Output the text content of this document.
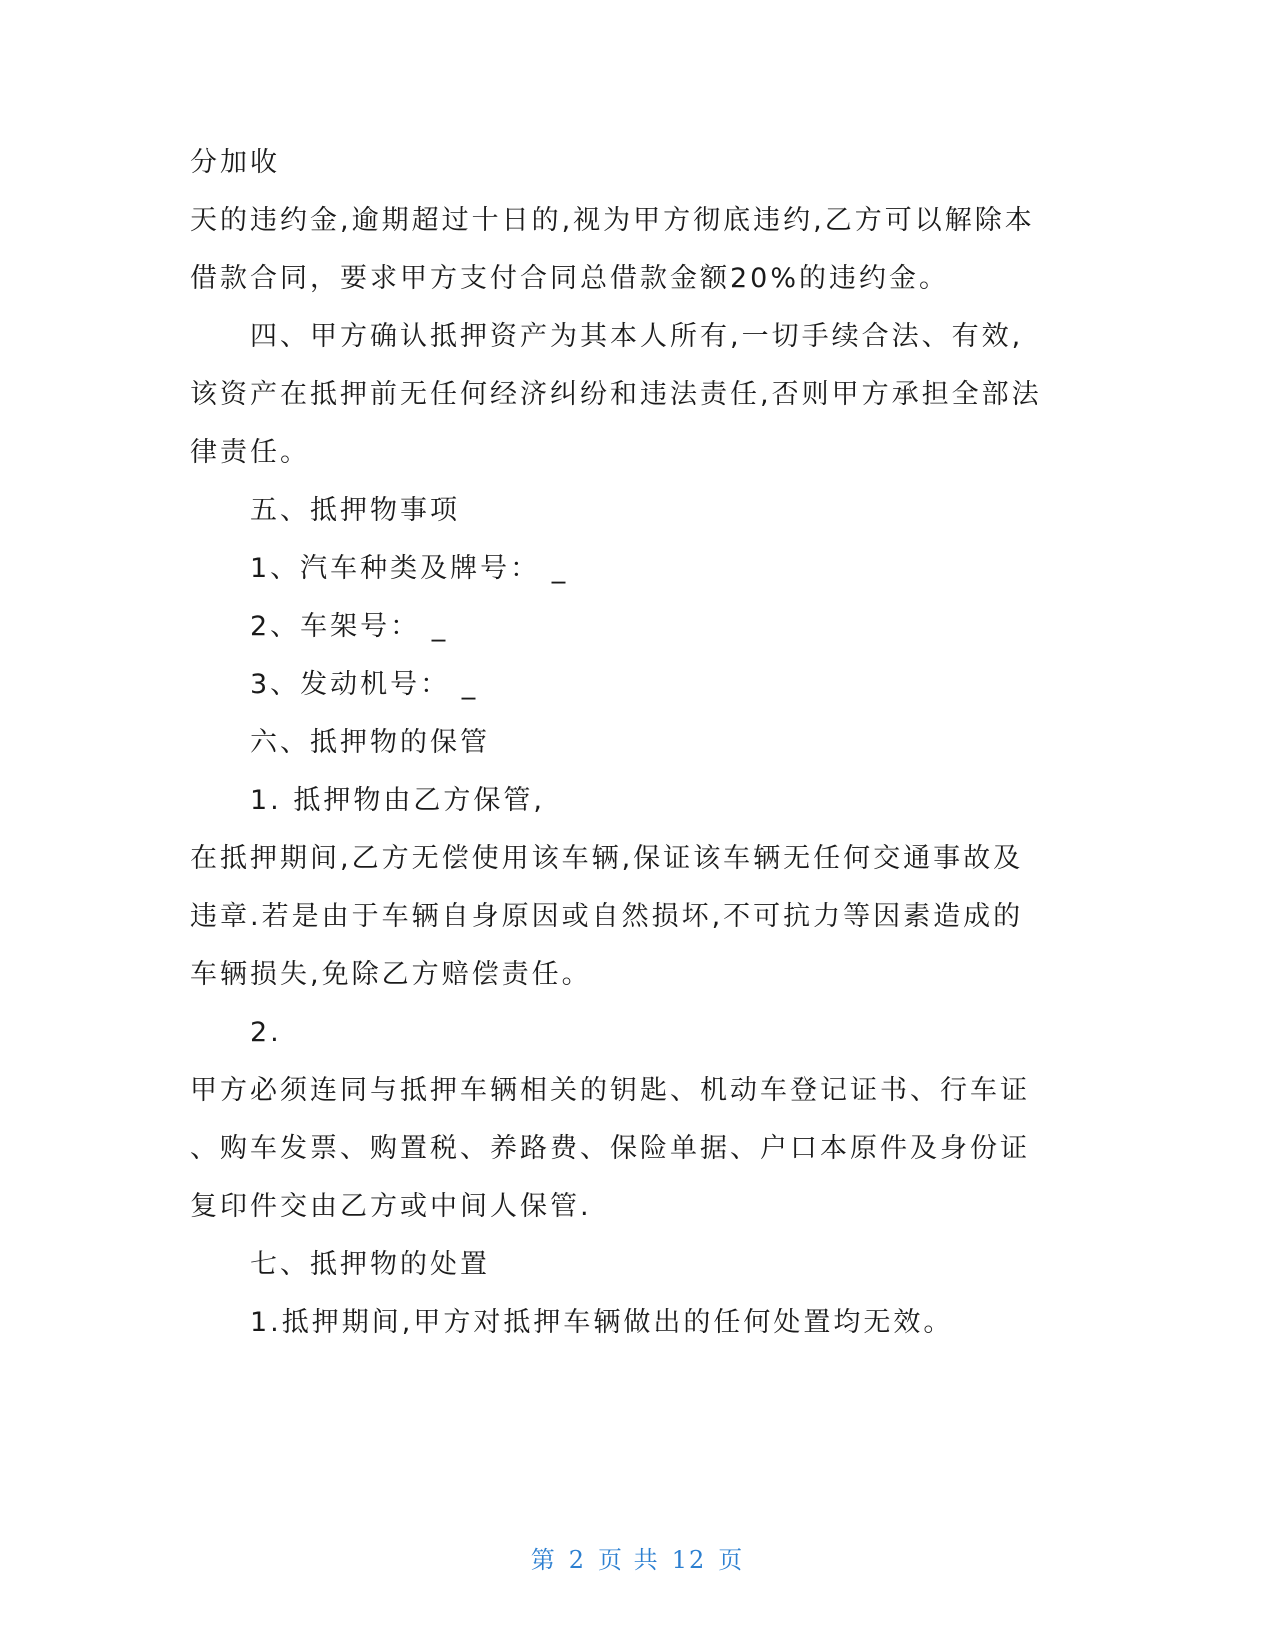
分加收
天的违约金,逾期超过十日的,视为甲方彻底违约,乙方可以解除本
借款合同，要求甲方支付合同总借款金额20%的违约金。
四、甲方确认抵押资产为其本人所有,一切手续合法、有效,
该资产在抵押前无任何经济纠纷和违法责任,否则甲方承担全部法
律责任。
五、抵押物事项
1、汽车种类及牌号： _
2、车架号： _
3、发动机号： _
六、抵押物的保管
1. 抵押物由乙方保管,
在抵押期间,乙方无偿使用该车辆,保证该车辆无任何交通事故及
违章.若是由于车辆自身原因或自然损坏,不可抗力等因素造成的
车辆损失,免除乙方赔偿责任。
2.
甲方必须连同与抵押车辆相关的钥匙、机动车登记证书、行车证
、购车发票、购置税、养路费、保险单据、户口本原件及身份证
复印件交由乙方或中间人保管.
七、抵押物的处置
1.抵押期间,甲方对抵押车辆做出的任何处置均无效。
第 2 页 共 12 页
